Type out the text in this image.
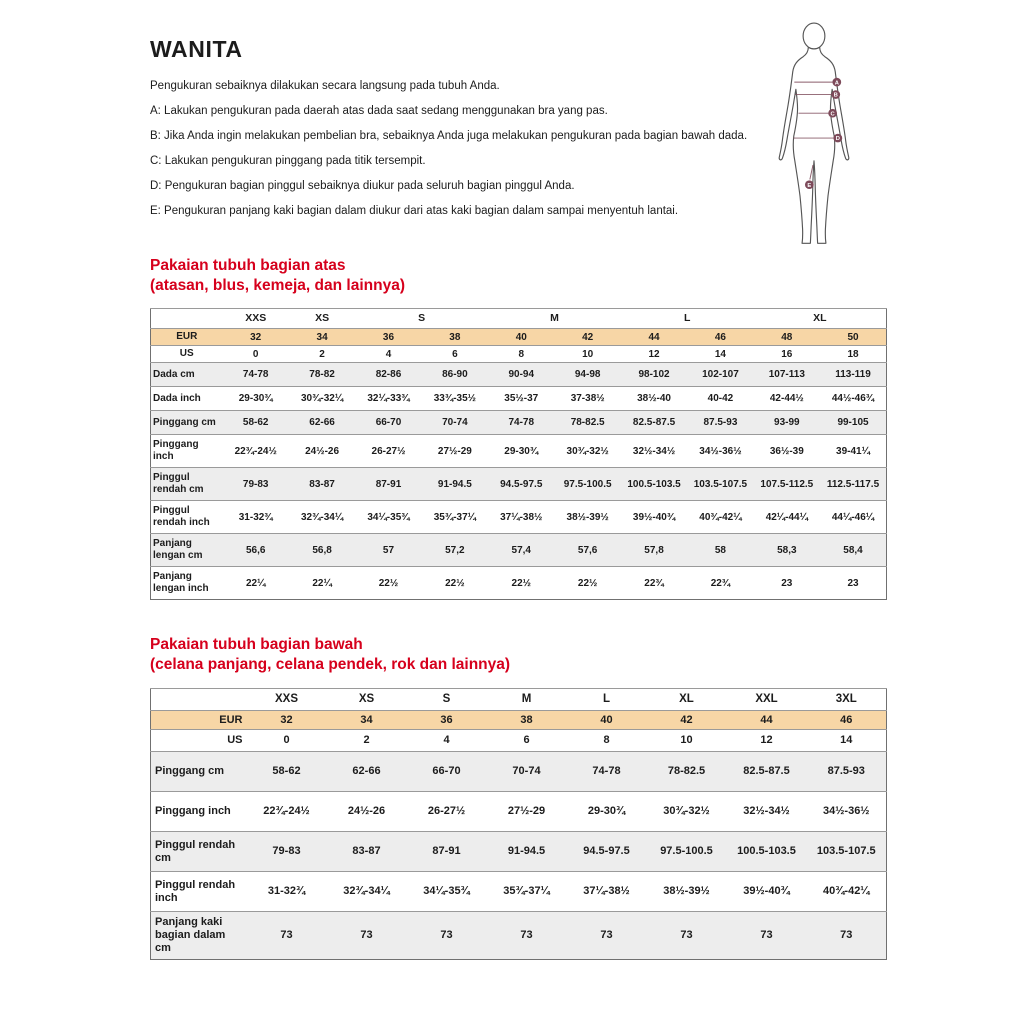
WANITA
Pengukuran sebaiknya dilakukan secara langsung pada tubuh Anda.
A: Lakukan pengukuran pada daerah atas dada saat sedang menggunakan bra yang pas.
B: Jika Anda ingin melakukan pembelian bra, sebaiknya Anda juga melakukan pengukuran pada bagian bawah dada.
C: Lakukan pengukuran pinggang pada titik tersempit.
D: Pengukuran bagian pinggul sebaiknya diukur pada seluruh bagian pinggul Anda.
E: Pengukuran panjang kaki bagian dalam diukur dari atas kaki bagian dalam sampai menyentuh lantai.
A
B
C
D
E
Pakaian tubuh bagian atas
(atasan, blus, kemeja, dan lainnya)
	XXS	XS	S		M		L		XL	
EUR	32	34	36	38	40	42	44	46	48	50
US	0	2	4	6	8	10	12	14	16	18
Dada cm	74-78	78-82	82-86	86-90	90-94	94-98	98-102	102-107	107-113	113-119
Dada inch	29-30¾	30¾-32¼	32¼-33¾	33¾-35½	35½-37	37-38½	38½-40	40-42	42-44½	44½-46¾
Pinggang cm	58-62	62-66	66-70	70-74	74-78	78-82.5	82.5-87.5	87.5-93	93-99	99-105
Pinggang inch	22¾-24½	24½-26	26-27½	27½-29	29-30¾	30¾-32½	32½-34½	34½-36½	36½-39	39-41¼
Pinggul rendah cm	79-83	83-87	87-91	91-94.5	94.5-97.5	97.5-100.5	100.5-103.5	103.5-107.5	107.5-112.5	112.5-117.5
Pinggul rendah inch	31-32¾	32¾-34¼	34¼-35¾	35¾-37¼	37¼-38½	38½-39½	39½-40¾	40¾-42¼	42¼-44¼	44¼-46¼
Panjang lengan cm	56,6	56,8	57	57,2	57,4	57,6	57,8	58	58,3	58,4
Panjang lengan inch	22¼	22¼	22½	22½	22½	22½	22¾	22¾	23	23
Pakaian tubuh bagian bawah
(celana panjang, celana pendek, rok dan lainnya)
	XXS	XS	S	M	L	XL	XXL	3XL
EUR	32	34	36	38	40	42	44	46
US	0	2	4	6	8	10	12	14
Pinggang cm	58-62	62-66	66-70	70-74	74-78	78-82.5	82.5-87.5	87.5-93
Pinggang inch	22¾-24½	24½-26	26-27½	27½-29	29-30¾	30¾-32½	32½-34½	34½-36½
Pinggul rendah cm	79-83	83-87	87-91	91-94.5	94.5-97.5	97.5-100.5	100.5-103.5	103.5-107.5
Pinggul rendah inch	31-32¾	32¾-34¼	34¼-35¾	35¾-37¼	37¼-38½	38½-39½	39½-40¾	40¾-42¼
Panjang kaki bagian dalam cm	73	73	73	73	73	73	73	73
